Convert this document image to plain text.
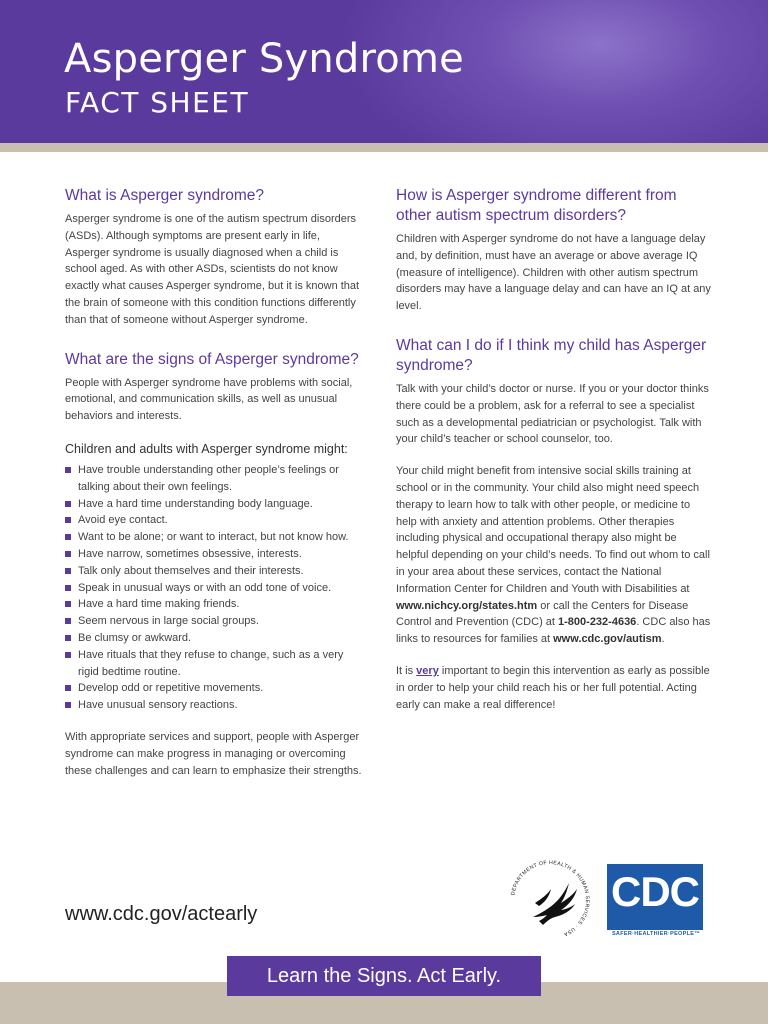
Asperger Syndrome
FACT SHEET
What is Asperger syndrome?

Asperger syndrome is one of the autism spectrum disorders (ASDs). Although symptoms are present early in life, Asperger syndrome is usually diagnosed when a child is school aged. As with other ASDs, scientists do not know exactly what causes Asperger syndrome, but it is known that the brain of someone with this condition functions differently than that of someone without Asperger syndrome.

What are the signs of Asperger syndrome?

People with Asperger syndrome have problems with social, emotional, and communication skills, as well as unusual behaviors and interests.

Children and adults with Asperger syndrome might:
Have trouble understanding other people’s feelings or talking about their own feelings.
Have a hard time understanding body language.
Avoid eye contact.
Want to be alone; or want to interact, but not know how.
Have narrow, sometimes obsessive, interests.
Talk only about themselves and their interests.
Speak in unusual ways or with an odd tone of voice.
Have a hard time making friends.
Seem nervous in large social groups.
Be clumsy or awkward.
Have rituals that they refuse to change, such as a very rigid bedtime routine.
Develop odd or repetitive movements.
Have unusual sensory reactions.

With appropriate services and support, people with Asperger syndrome can make progress in managing or overcoming these challenges and can learn to emphasize their strengths.

How is Asperger syndrome different from other autism spectrum disorders?

Children with Asperger syndrome do not have a language delay and, by definition, must have an average or above average IQ (measure of intelligence). Children with other autism spectrum disorders may have a language delay and can have an IQ at any level.

What can I do if I think my child has Asperger syndrome?

Talk with your child’s doctor or nurse. If you or your doctor thinks there could be a problem, ask for a referral to see a specialist such as a developmental pediatrician or psychologist. Talk with your child’s teacher or school counselor, too.

Your child might benefit from intensive social skills training at school or in the community. Your child also might need speech therapy to learn how to talk with other people, or medicine to help with anxiety and attention problems. Other therapies including physical and occupational therapy also might be helpful depending on your child’s needs. To find out whom to call in your area about these services, contact the National Information Center for Children and Youth with Disabilities at www.nichcy.org/states.htm or call the Centers for Disease Control and Prevention (CDC) at 1-800-232-4636. CDC also has links to resources for families at www.cdc.gov/autism.

It is very important to begin this intervention as early as possible in order to help your child reach his or her full potential. Acting early can make a real difference!

www.cdc.gov/actearly
DEPARTMENT OF HEALTH & HUMAN SERVICES · USA
CDC
SAFER·HEALTHIER·PEOPLE™
Learn the Signs. Act Early.
